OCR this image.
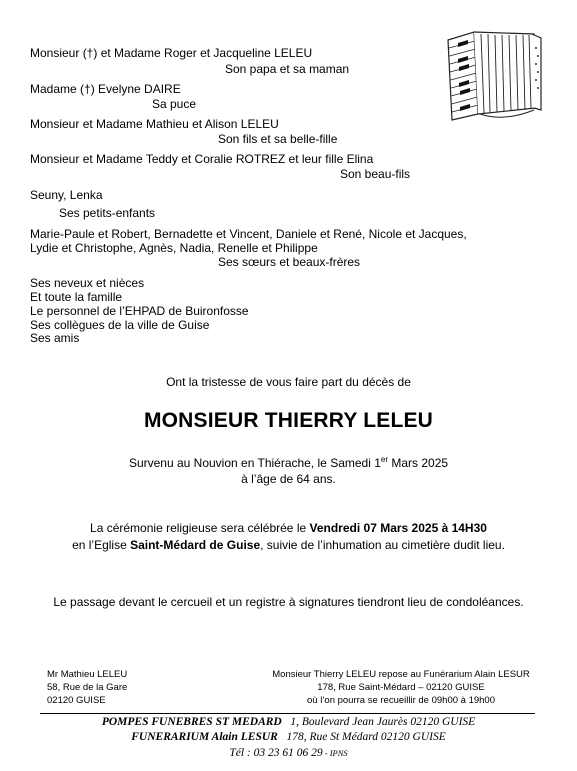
Monsieur (†) et Madame Roger et Jacqueline LELEU
Son papa et sa maman
Madame (†) Evelyne DAIRE
Sa puce
Monsieur et Madame Mathieu et Alison LELEU
Son fils et sa belle-fille
Monsieur et Madame Teddy et Coralie ROTREZ et leur fille Elina
Son beau-fils
Seuny, Lenka
Ses petits-enfants
Marie-Paule et Robert, Bernadette et Vincent, Daniele et René, Nicole et Jacques,
Lydie et Christophe, Agnès, Nadia, Renelle et Philippe
Ses sœurs et beaux-frères
Ses neveux et nièces
Et toute la famille
Le personnel de l’EHPAD de Buironfosse
Ses collègues de la ville de Guise
Ses amis
Ont la tristesse de vous faire part du décès de
MONSIEUR THIERRY LELEU
Survenu au Nouvion en Thiérache, le Samedi 1er Mars 2025
à l’âge de 64 ans.
La cérémonie religieuse sera célébrée le Vendredi 07 Mars 2025 à 14H30
en l’Eglise Saint-Médard de Guise, suivie de l’inhumation au cimetière dudit lieu.
Le passage devant le cercueil et un registre à signatures tiendront lieu de condoléances.
Mr Mathieu LELEU
58, Rue de la Gare
02120 GUISE
Monsieur Thierry LELEU repose au Funérarium Alain LESUR
178, Rue Saint-Médard – 02120 GUISE
où l’on pourra se recueillir de 09h00 à 19h00
POMPES FUNEBRES ST MEDARD   1, Boulevard Jean Jaurès 02120 GUISE
FUNERARIUM Alain LESUR   178, Rue St Médard 02120 GUISE
Tél : 03 23 61 06 29 - IPNS
